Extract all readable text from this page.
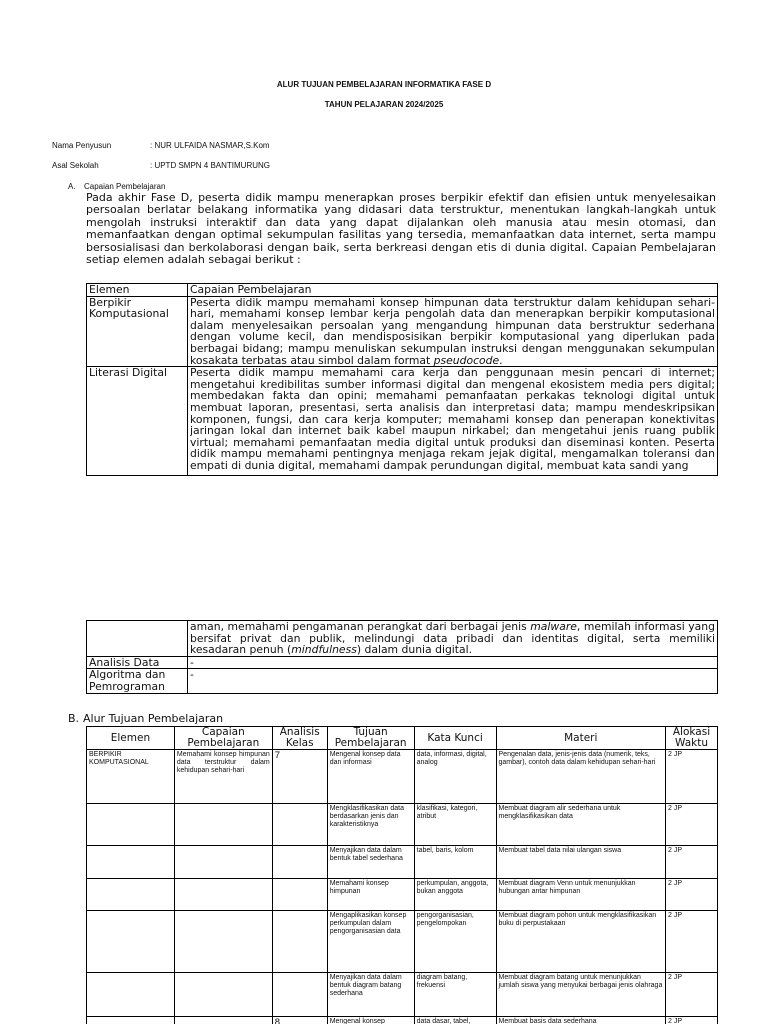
ALUR TUJUAN PEMBELAJARAN INFORMATIKA FASE D
TAHUN PELAJARAN 2024/2025
Nama Penyusun	: NUR ULFAIDA NASMAR,S.Kom
Asal Sekolah	: UPTD SMPN 4 BANTIMURUNG
A. Capaian Pembelajaran
Pada akhir Fase D, peserta didik mampu menerapkan proses berpikir efektif dan efisien untuk menyelesaikan persoalan berlatar belakang informatika yang didasari data terstruktur, menentukan langkah-langkah untuk mengolah instruksi interaktif dan data yang dapat dijalankan oleh manusia atau mesin otomasi, dan memanfaatkan dengan optimal sekumpulan fasilitas yang tersedia, memanfaatkan data internet, serta mampu bersosialisasi dan berkolaborasi dengan baik, serta berkreasi dengan etis di dunia digital. Capaian Pembelajaran setiap elemen adalah sebagai berikut :
Elemen	Capaian Pembelajaran
Berpikir Komputasional	Peserta didik mampu memahami konsep himpunan data terstruktur dalam kehidupan sehari-hari, memahami konsep lembar kerja pengolah data dan menerapkan berpikir komputasional dalam menyelesaikan persoalan yang mengandung himpunan data berstruktur sederhana dengan volume kecil, dan mendisposisikan berpikir komputasional yang diperlukan pada berbagai bidang; mampu menuliskan sekumpulan instruksi dengan menggunakan sekumpulan kosakata terbatas atau simbol dalam format pseudocode.
Literasi Digital	Peserta didik mampu memahami cara kerja dan penggunaan mesin pencari di internet; mengetahui kredibilitas sumber informasi digital dan mengenal ekosistem media pers digital; membedakan fakta dan opini; memahami pemanfaatan perkakas teknologi digital untuk membuat laporan, presentasi, serta analisis dan interpretasi data; mampu mendeskripsikan komponen, fungsi, dan cara kerja komputer; memahami konsep dan penerapan konektivitas jaringan lokal dan internet baik kabel maupun nirkabel; dan mengetahui jenis ruang publik virtual; memahami pemanfaatan media digital untuk produksi dan diseminasi konten. Peserta didik mampu memahami pentingnya menjaga rekam jejak digital, mengamalkan toleransi dan empati di dunia digital, memahami dampak perundungan digital, membuat kata sandi yang
	aman, memahami pengamanan perangkat dari berbagai jenis malware, memilah informasi yang bersifat privat dan publik, melindungi data pribadi dan identitas digital, serta memiliki kesadaran penuh (mindfulness) dalam dunia digital.
Analisis Data	-
Algoritma dan Pemrograman	-
B. Alur Tujuan Pembelajaran
Elemen	Capaian Pembelajaran	Analisis Kelas	Tujuan Pembelajaran	Kata Kunci	Materi	Alokasi Waktu
BERPIKIR KOMPUTASIONAL	Memahami konsep himpunan data terstruktur dalam kehidupan sehari-hari	7	Mengenal konsep data dan informasi	data, informasi, digital, analog	Pengenalan data, jenis-jenis data (numerik, teks, gambar), contoh data dalam kehidupan sehari-hari	2 JP
			Mengklasifikasikan data berdasarkan jenis dan karakteristiknya	klasifikasi, kategori, atribut	Membuat diagram alir sederhana untuk mengklasifikasikan data	2 JP
			Menyajikan data dalam bentuk tabel sederhana	tabel, baris, kolom	Membuat tabel data nilai ulangan siswa	2 JP
			Memahami konsep himpunan	perkumpulan, anggota, bukan anggota	Membuat diagram Venn untuk menunjukkan hubungan antar himpunan	2 JP
			Mengaplikasikan konsep perkumpulan dalam pengorganisasian data	pengorganisasian, pengelompokan	Membuat diagram pohon untuk mengklasifikasikan buku di perpustakaan	2 JP
			Menyajikan data dalam bentuk diagram batang sederhana	diagram batang, frekuensi	Membuat diagram batang untuk menunjukkan jumlah siswa yang menyukai berbagai jenis olahraga	2 JP
		8	Mengenal konsep	data dasar, tabel,	Membuat basis data sederhana	2 JP
